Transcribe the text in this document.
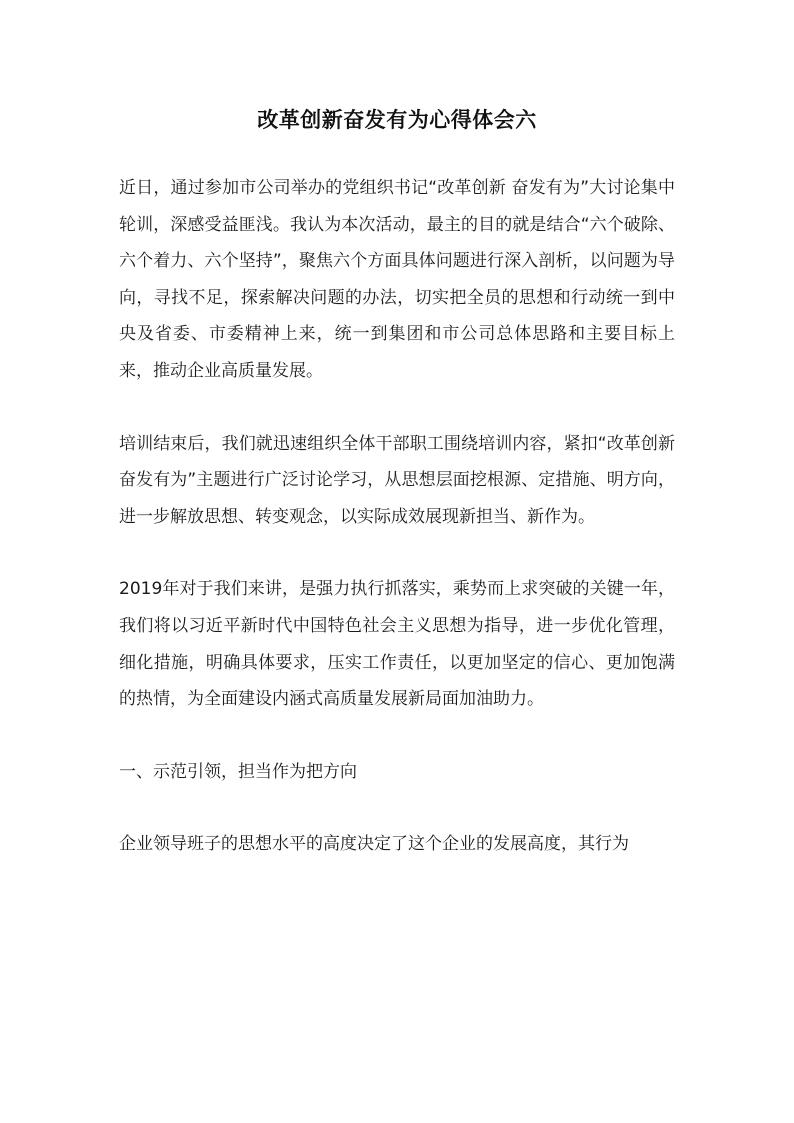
改革创新奋发有为心得体会六

近日，通过参加市公司举办的党组织书记“改革创新 奋发有为”大讨论集中轮训，深感受益匪浅。我认为本次活动，最主的目的就是结合“六个破除、六个着力、六个坚持”，聚焦六个方面具体问题进行深入剖析，以问题为导向，寻找不足，探索解决问题的办法，切实把全员的思想和行动统一到中央及省委、市委精神上来，统一到集团和市公司总体思路和主要目标上来，推动企业高质量发展。

培训结束后，我们就迅速组织全体干部职工围绕培训内容，紧扣“改革创新 奋发有为”主题进行广泛讨论学习，从思想层面挖根源、定措施、明方向，进一步解放思想、转变观念，以实际成效展现新担当、新作为。

2019年对于我们来讲，是强力执行抓落实，乘势而上求突破的关键一年，我们将以习近平新时代中国特色社会主义思想为指导，进一步优化管理，细化措施，明确具体要求，压实工作责任，以更加坚定的信心、更加饱满的热情，为全面建设内涵式高质量发展新局面加油助力。

一、示范引领，担当作为把方向

企业领导班子的思想水平的高度决定了这个企业的发展高度，其行为
